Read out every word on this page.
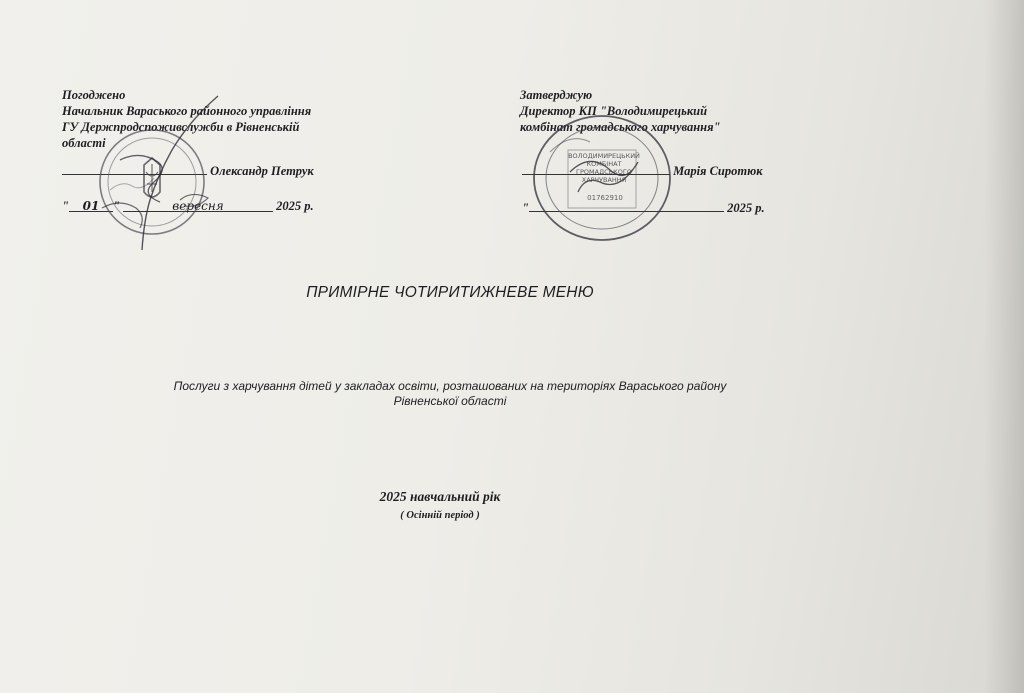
Погоджено
Начальник Вараського районного управління
ГУ Держпродспоживслужби в Рівненській
області
Олександр Петрук
" 01 "	вересня	2025 р.
Затверджую
Директор КП "Володимирецький
комбінат громадського харчування"
Марія Сиротюк
"	2025 р.
ВОЛОДИМИРЕЦЬКИЙ КОМБІНАТ ГРОМАДСЬКОГО ХАРЧУВАННЯ
01762910
ПРИМІРНЕ ЧОТИРИТИЖНЕВЕ МЕНЮ
Послуги з харчування дітей у закладах освіти, розташованих на територіях Вараського району
Рівненської області
2025 навчальний рік
( Осінній період )
